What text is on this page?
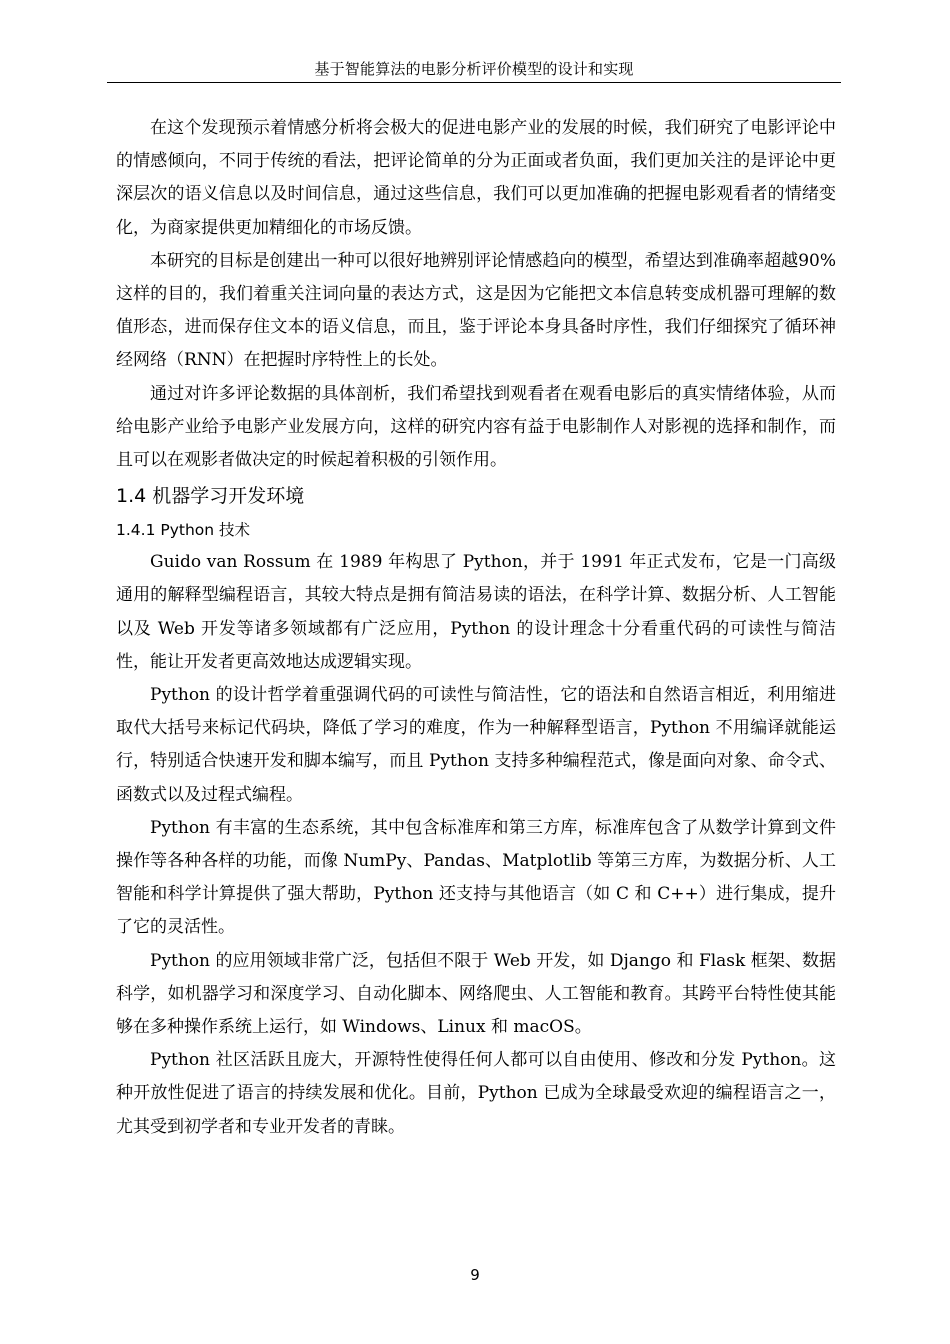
基于智能算法的电影分析评价模型的设计和实现

在这个发现预示着情感分析将会极大的促进电影产业的发展的时候，我们研究了电影评论中的情感倾向，不同于传统的看法，把评论简单的分为正面或者负面，我们更加关注的是评论中更深层次的语义信息以及时间信息，通过这些信息，我们可以更加准确的把握电影观看者的情绪变化，为商家提供更加精细化的市场反馈。

本研究的目标是创建出一种可以很好地辨别评论情感趋向的模型，希望达到准确率超越90%这样的目的，我们着重关注词向量的表达方式，这是因为它能把文本信息转变成机器可理解的数值形态，进而保存住文本的语义信息，而且，鉴于评论本身具备时序性，我们仔细探究了循环神经网络（RNN）在把握时序特性上的长处。

通过对许多评论数据的具体剖析，我们希望找到观看者在观看电影后的真实情绪体验，从而给电影产业给予电影产业发展方向，这样的研究内容有益于电影制作人对影视的选择和制作，而且可以在观影者做决定的时候起着积极的引领作用。

1.4 机器学习开发环境
1.4.1 Python 技术

Guido van Rossum 在 1989 年构思了 Python，并于 1991 年正式发布，它是一门高级通用的解释型编程语言，其较大特点是拥有简洁易读的语法，在科学计算、数据分析、人工智能以及 Web 开发等诸多领域都有广泛应用，Python 的设计理念十分看重代码的可读性与简洁性，能让开发者更高效地达成逻辑实现。

Python 的设计哲学着重强调代码的可读性与简洁性，它的语法和自然语言相近，利用缩进取代大括号来标记代码块，降低了学习的难度，作为一种解释型语言，Python 不用编译就能运行，特别适合快速开发和脚本编写，而且 Python 支持多种编程范式，像是面向对象、命令式、函数式以及过程式编程。

Python 有丰富的生态系统，其中包含标准库和第三方库，标准库包含了从数学计算到文件操作等各种各样的功能，而像 NumPy、Pandas、Matplotlib 等第三方库，为数据分析、人工智能和科学计算提供了强大帮助，Python 还支持与其他语言（如 C 和 C++）进行集成，提升了它的灵活性。

Python 的应用领域非常广泛，包括但不限于 Web 开发，如 Django 和 Flask 框架、数据科学，如机器学习和深度学习、自动化脚本、网络爬虫、人工智能和教育。其跨平台特性使其能够在多种操作系统上运行，如 Windows、Linux 和 macOS。

Python 社区活跃且庞大，开源特性使得任何人都可以自由使用、修改和分发 Python。这种开放性促进了语言的持续发展和优化。目前，Python 已成为全球最受欢迎的编程语言之一，尤其受到初学者和专业开发者的青睐。

9
